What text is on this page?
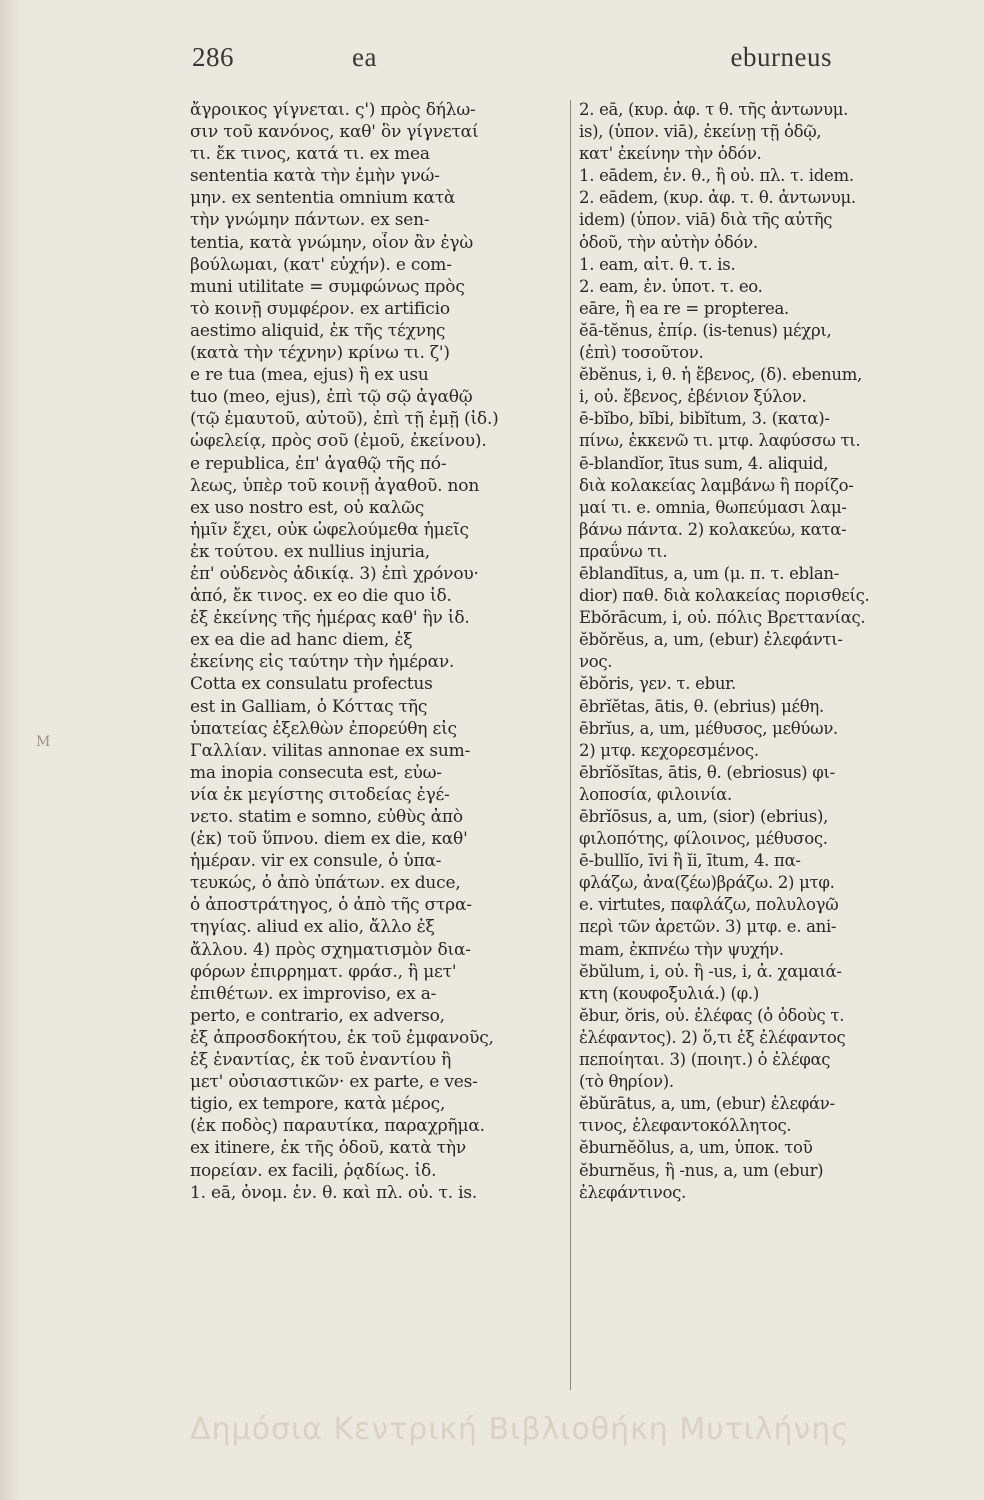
286	ea	eburneus
ἄγροικος γίγνεται. ς') πρὸς δήλω-
σιν τοῦ κανόνος, καθ' ὃν γίγνεταί
τι. ἔκ τινος, κατά τι. ex mea
sententia κατὰ τὴν ἐμὴν γνώ-
μην. ex sententia omnium κατὰ
τὴν γνώμην πάντων. ex sen-
tentia, κατὰ γνώμην, οἷον ἂν ἐγὼ
βούλωμαι, (κατ' εὐχήν). e com-
muni utilitate = συμφώνως πρὸς
τὸ κοινῇ συμφέρον. ex artificio
aestimo aliquid, ἐκ τῆς τέχνης
(κατὰ τὴν τέχνην) κρίνω τι. ζ')
e re tua (mea, ejus) ἢ ex usu
tuo (meo, ejus), ἐπὶ τῷ σῷ ἀγαθῷ
(τῷ ἐμαυτοῦ, αὐτοῦ), ἐπὶ τῇ ἐμῇ (ἰδ.)
ὠφελείᾳ, πρὸς σοῦ (ἐμοῦ, ἐκείνου).
e republica, ἐπ' ἀγαθῷ τῆς πό-
λεως, ὑπὲρ τοῦ κοινῇ ἀγαθοῦ. non
ex uso nostro est, οὐ καλῶς
ἡμῖν ἔχει, οὐκ ὠφελούμεθα ἡμεῖς
ἐκ τούτου. ex nullius injuria,
ἐπ' οὐδενὸς ἀδικίᾳ. 3) ἐπὶ χρόνου·
ἀπό, ἔκ τινος. ex eo die quo ἰδ.
ἐξ ἐκείνης τῆς ἡμέρας καθ' ἣν ἰδ.
ex ea die ad hanc diem, ἐξ
ἐκείνης εἰς ταύτην τὴν ἡμέραν.
Cotta ex consulatu profectus
est in Galliam, ὁ Κόττας τῆς
ὑπατείας ἐξελθὼν ἐπορεύθη εἰς
Γαλλίαν. vilitas annonae ex sum-
ma inopia consecuta est, εὐω-
νία ἐκ μεγίστης σιτοδείας ἐγέ-
νετο. statim e somno, εὐθὺς ἀπὸ
(ἐκ) τοῦ ὕπνου. diem ex die, καθ'
ἡμέραν. vir ex consule, ὁ ὑπα-
τευκώς, ὁ ἀπὸ ὑπάτων. ex duce,
ὁ ἀποστράτηγος, ὁ ἀπὸ τῆς στρα-
τηγίας. aliud ex alio, ἄλλο ἐξ
ἄλλου. 4) πρὸς σχηματισμὸν δια-
φόρων ἐπιρρηματ. φράσ., ἢ μετ'
ἐπιθέτων. ex improviso, ex a-
perto, e contrario, ex adverso,
ἐξ ἀπροσδοκήτου, ἐκ τοῦ ἐμφανοῦς,
ἐξ ἐναντίας, ἐκ τοῦ ἐναντίου ἢ
μετ' οὐσιαστικῶν· ex parte, e ves-
tigio, ex tempore, κατὰ μέρος,
(ἐκ ποδὸς) παραυτίκα, παραχρῆμα.
ex itinere, ἐκ τῆς ὁδοῦ, κατὰ τὴν
πορείαν. ex facili, ῥᾳδίως. ἰδ.
1. eā, ὀνομ. ἑν. θ. καὶ πλ. οὐ. τ. is.
2. eā, (κυρ. ἀφ. τ θ. τῆς ἀντωνυμ.
is), (ὑπον. viā), ἐκείνῃ τῇ ὁδῷ,
κατ' ἐκείνην τὴν ὁδόν.
1. eādem, ἑν. θ., ἢ οὐ. πλ. τ. idem.
2. eādem, (κυρ. ἀφ. τ. θ. ἀντωνυμ.
idem) (ὑπον. viā) διὰ τῆς αὐτῆς
ὁδοῦ, τὴν αὐτὴν ὁδόν.
1. eam, αἰτ. θ. τ. is.
2. eam, ἐν. ὑποτ. τ. eo.
eāre, ἢ ea re = propterea.
ĕā-tĕnus, ἐπίρ. (is-tenus) μέχρι,
(ἐπὶ) τοσοῦτον.
ĕbĕnus, i, θ. ἡ ἔβενος, (δ). ebenum,
i, οὐ. ἔβενος, ἐβένιον ξύλον.
ē-bĭbo, bĭbi, bibĭtum, 3. (κατα)-
πίνω, ἐκκενῶ τι. μτφ. λαφύσσω τι.
ē-blandĭor, ītus sum, 4. aliquid,
διὰ κολακείας λαμβάνω ἢ πορίζο-
μαί τι. e. omnia, θωπεύμασι λαμ-
βάνω πάντα. 2) κολακεύω, κατα-
πραΰνω τι.
ēblandītus, a, um (μ. π. τ. eblan-
dior) παθ. διὰ κολακείας πορισθείς.
Ebŏrācum, i, οὐ. πόλις Βρεττανίας.
ĕbŏrĕus, a, um, (ebur) ἐλεφάντι-
νος.
ĕbŏris, γεν. τ. ebur.
ēbrĭĕtas, ātis, θ. (ebrius) μέθη.
ēbrĭus, a, um, μέθυσος, μεθύων.
2) μτφ. κεχορεσμένος.
ēbrĭŏsĭtas, ātis, θ. (ebriosus) φι-
λοποσία, φιλοινία.
ēbrĭōsus, a, um, (sior) (ebrius),
φιλοπότης, φίλοινος, μέθυσος.
ē-bullĭo, īvi ἢ ĭi, ītum, 4. πα-
φλάζω, ἀνα(ζέω)βράζω. 2) μτφ.
e. virtutes, παφλάζω, πολυλογῶ
περὶ τῶν ἀρετῶν. 3) μτφ. e. ani-
mam, ἐκπνέω τὴν ψυχήν.
ĕbŭlum, i, οὐ. ἢ -us, i, ἀ. χαμαιά-
κτη (κουφοξυλιά.) (φ.)
ĕbur, ŏris, οὐ. ἐλέφας (ὁ ὀδοὺς τ.
ἐλέφαντος). 2) ὅ,τι ἐξ ἐλέφαντος
πεποίηται. 3) (ποιητ.) ὁ ἐλέφας
(τὸ θηρίον).
ĕbŭrātus, a, um, (ebur) ἐλεφάν-
τινος, ἐλεφαντοκόλλητος.
ĕburnĕŏlus, a, um, ὑποκ. τοῦ
ĕburnĕus, ἢ -nus, a, um (ebur)
ἐλεφάντινος.
M
Δημόσια Κεντρική Βιβλιοθήκη Μυτιλήνης
